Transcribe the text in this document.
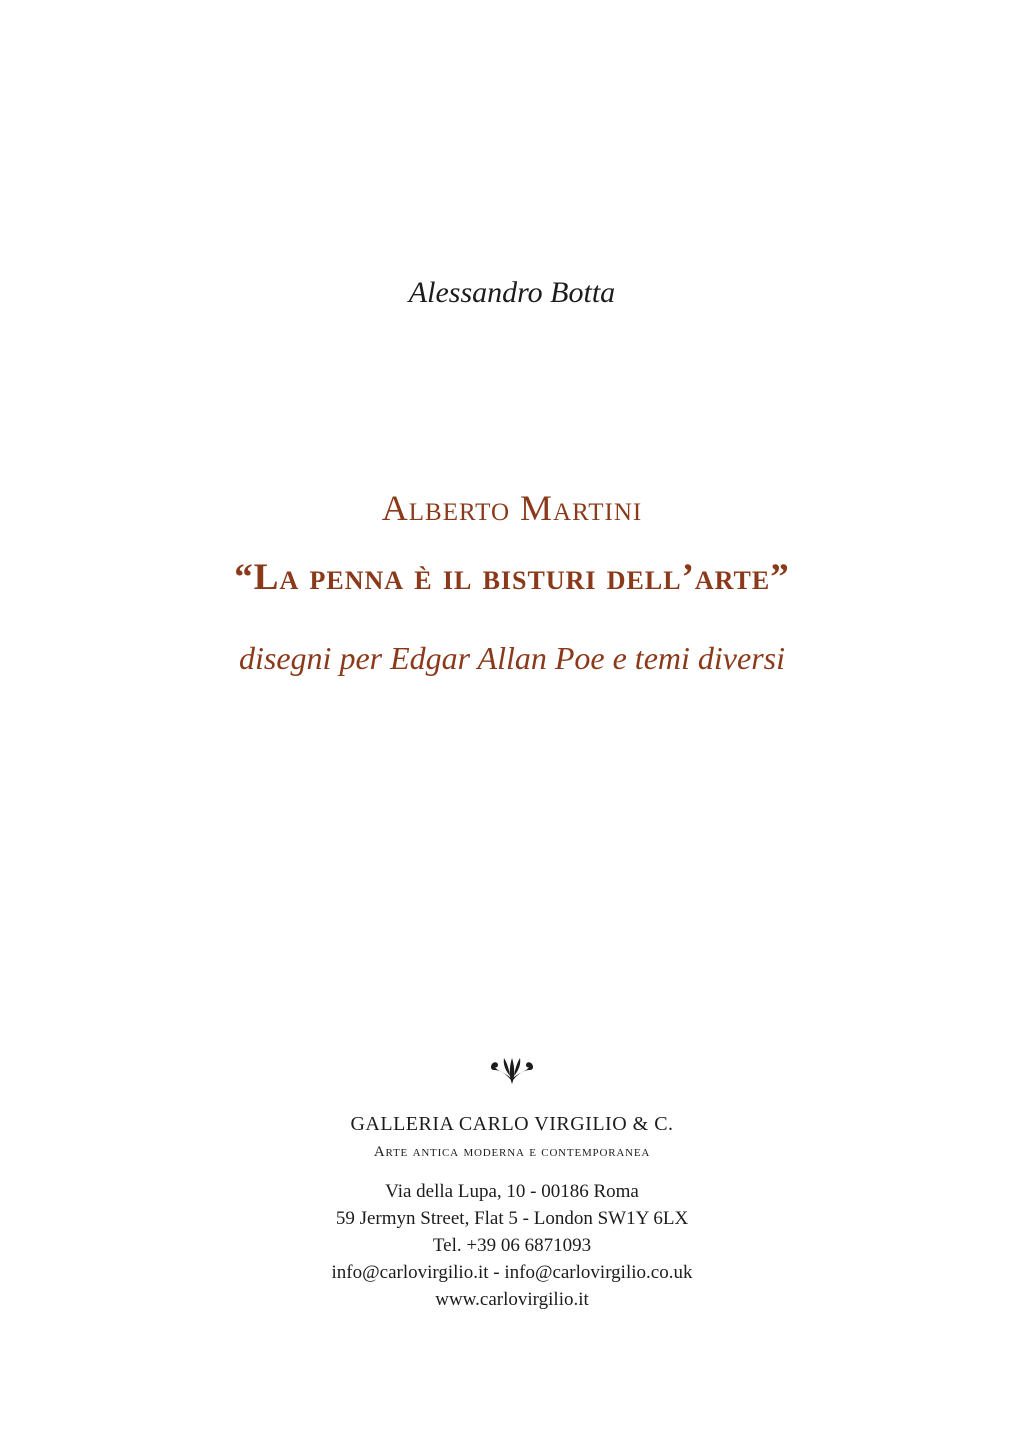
Alessandro Botta
Alberto Martini
“La penna è il bisturi dell’arte”
disegni per Edgar Allan Poe e temi diversi
GALLERIA CARLO VIRGILIO & C.
Arte antica moderna e contemporanea
Via della Lupa, 10 - 00186 Roma
59 Jermyn Street, Flat 5 - London SW1Y 6LX
Tel. +39 06 6871093
info@carlovirgilio.it - info@carlovirgilio.co.uk
www.carlovirgilio.it
